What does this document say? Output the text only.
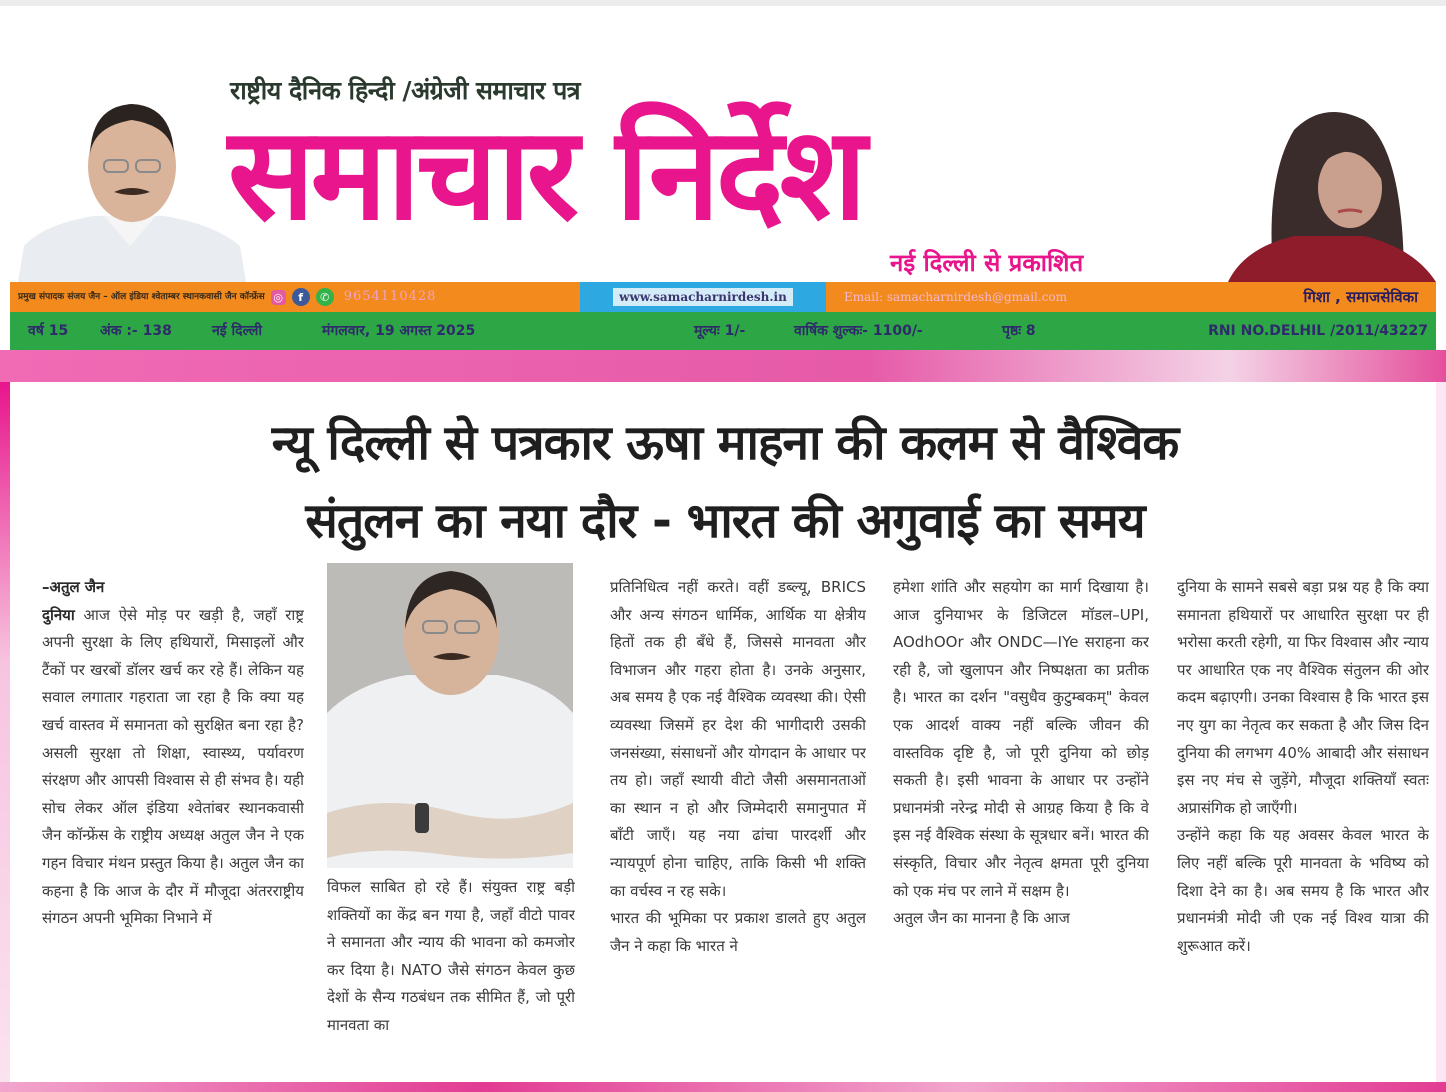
राष्ट्रीय दैनिक हिन्दी /अंग्रेजी समाचार पत्र
समाचार निर्देश
नई दिल्ली से प्रकाशित
प्रमुख संपादक संजय जैन – ऑल इंडिया श्वेताम्बर स्थानकवासी जैन कॉन्फ्रेंस ◎	f	✆	9654110428	www.samacharnirdesh.in	Email: samacharnirdesh@gmail.com	गिशा , समाजसेविका
वर्ष 15	अंक :- 138	नई दिल्ली	मंगलवार, 19 अगस्त 2025	मूल्यः 1/-	वार्षिक शुल्कः- 1100/-	पृष्ठः 8	RNI NO.DELHIL /2011/43227
न्यू दिल्ली से पत्रकार ऊषा माहना की कलम से वैश्विक
संतुलन का नया दौर - भारत की अगुवाई का समय

–अतुल जैन

दुनिया आज ऐसे मोड़ पर खड़ी है, जहाँ राष्ट्र अपनी सुरक्षा के लिए हथियारों, मिसाइलों और टैंकों पर खरबों डॉलर खर्च कर रहे हैं। लेकिन यह सवाल लगातार गहराता जा रहा है कि क्या यह खर्च वास्तव में समानता को सुरक्षित बना रहा है? असली सुरक्षा तो शिक्षा, स्वास्थ्य, पर्यावरण संरक्षण और आपसी विश्वास से ही संभव है। यही सोच लेकर ऑल इंडिया श्वेतांबर स्थानकवासी जैन कॉन्फ्रेंस के राष्ट्रीय अध्यक्ष अतुल जैन ने एक गहन विचार मंथन प्रस्तुत किया है। अतुल जैन का कहना है कि आज के दौर में मौजूदा अंतरराष्ट्रीय संगठन अपनी भूमिका निभाने में

विफल साबित हो रहे हैं। संयुक्त राष्ट्र बड़ी शक्तियों का केंद्र बन गया है, जहाँ वीटो पावर ने समानता और न्याय की भावना को कमजोर कर दिया है। NATO जैसे संगठन केवल कुछ देशों के सैन्य गठबंधन तक सीमित हैं, जो पूरी मानवता का

प्रतिनिधित्व नहीं करते। वहीं डब्ल्यू, BRICS और अन्य संगठन धार्मिक, आर्थिक या क्षेत्रीय हितों तक ही बँधे हैं, जिससे मानवता और विभाजन और गहरा होता है। उनके अनुसार, अब समय है एक नई वैश्विक व्यवस्था की। ऐसी व्यवस्था जिसमें हर देश की भागीदारी उसकी जनसंख्या, संसाधनों और योगदान के आधार पर तय हो। जहाँ स्थायी वीटो जैसी असमानताओं का स्थान न हो और जिम्मेदारी समानुपात में बाँटी जाएँ। यह नया ढांचा पारदर्शी और न्यायपूर्ण होना चाहिए, ताकि किसी भी शक्ति का वर्चस्व न रह सके।

भारत की भूमिका पर प्रकाश डालते हुए अतुल जैन ने कहा कि भारत ने

हमेशा शांति और सहयोग का मार्ग दिखाया है। आज दुनियाभर के डिजिटल मॉडल–UPI, AOdhOOr और ONDC—IYe सराहना कर रही है, जो खुलापन और निष्पक्षता का प्रतीक है। भारत का दर्शन "वसुधैव कुटुम्बकम्" केवल एक आदर्श वाक्य नहीं बल्कि जीवन की वास्तविक दृष्टि है, जो पूरी दुनिया को छोड़ सकती है। इसी भावना के आधार पर उन्होंने प्रधानमंत्री नरेन्द्र मोदी से आग्रह किया है कि वे इस नई वैश्विक संस्था के सूत्रधार बनें। भारत की संस्कृति, विचार और नेतृत्व क्षमता पूरी दुनिया को एक मंच पर लाने में सक्षम है।

अतुल जैन का मानना है कि आज

दुनिया के सामने सबसे बड़ा प्रश्न यह है कि क्या समानता हथियारों पर आधारित सुरक्षा पर ही भरोसा करती रहेगी, या फिर विश्वास और न्याय पर आधारित एक नए वैश्विक संतुलन की ओर कदम बढ़ाएगी। उनका विश्वास है कि भारत इस नए युग का नेतृत्व कर सकता है और जिस दिन दुनिया की लगभग 40% आबादी और संसाधन इस नए मंच से जुड़ेंगे, मौजूदा शक्तियाँ स्वतः अप्रासंगिक हो जाएँगी।

उन्होंने कहा कि यह अवसर केवल भारत के लिए नहीं बल्कि पूरी मानवता के भविष्य को दिशा देने का है। अब समय है कि भारत और प्रधानमंत्री मोदी जी एक नई विश्व यात्रा की शुरूआत करें।
